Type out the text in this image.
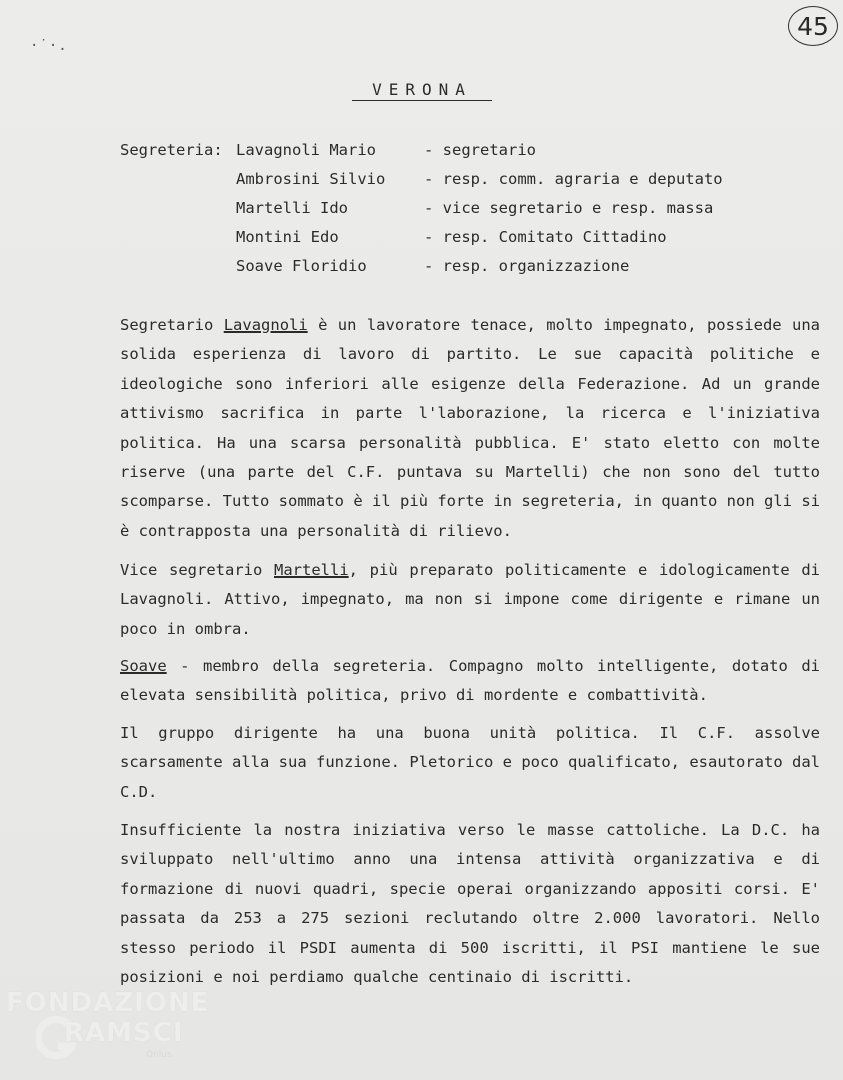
·˙·.
45
VERONA
Segreteria: Lavagnoli Mario	- segretario
Ambrosini Silvio - resp. comm. agraria e deputato
Martelli Ido	- vice segretario e resp. massa
Montini Edo	- resp. Comitato Cittadino
Soave Floridio	- resp. organizzazione

Segretario Lavagnoli è un lavoratore tenace, molto impegnato, possiede una solida esperienza di lavoro di partito. Le sue capacità politiche e ideologiche sono inferiori alle esigenze della Federazione. Ad un grande attivismo sacrifica in parte l'laborazione, la ricerca e l'iniziativa politica. Ha una scarsa personalità pubblica. E' stato eletto con molte riserve (una parte del C.F. puntava su Martelli) che non sono del tutto scomparse. Tutto sommato è il più forte in segreteria, in quanto non gli si è contrapposta una personalità di rilievo.

Vice segretario Martelli, più preparato politicamente e idologicamente di Lavagnoli. Attivo, impegnato, ma non si impone come dirigente e rimane un poco in ombra.

Soave - membro della segreteria. Compagno molto intelligente, dotato di elevata sensibilità politica, privo di mordente e combattività.

Il gruppo dirigente ha una buona unità politica. Il C.F. assolve scarsamente alla sua funzione. Pletorico e poco qualificato, esautorato dal C.D.

Insufficiente la nostra iniziativa verso le masse cattoliche. La D.C. ha sviluppato nell'ultimo anno una intensa attività organizzativa e di formazione di nuovi quadri, specie operai organizzando appositi corsi. E' passata da 253 a 275 sezioni reclutando oltre 2.000 lavoratori. Nello stesso periodo il PSDI aumenta di 500 iscritti, il PSI mantiene le sue posizioni e noi perdiamo qualche centinaio di iscritti.

FONDAZIONE
RAMSCI
Onlus
